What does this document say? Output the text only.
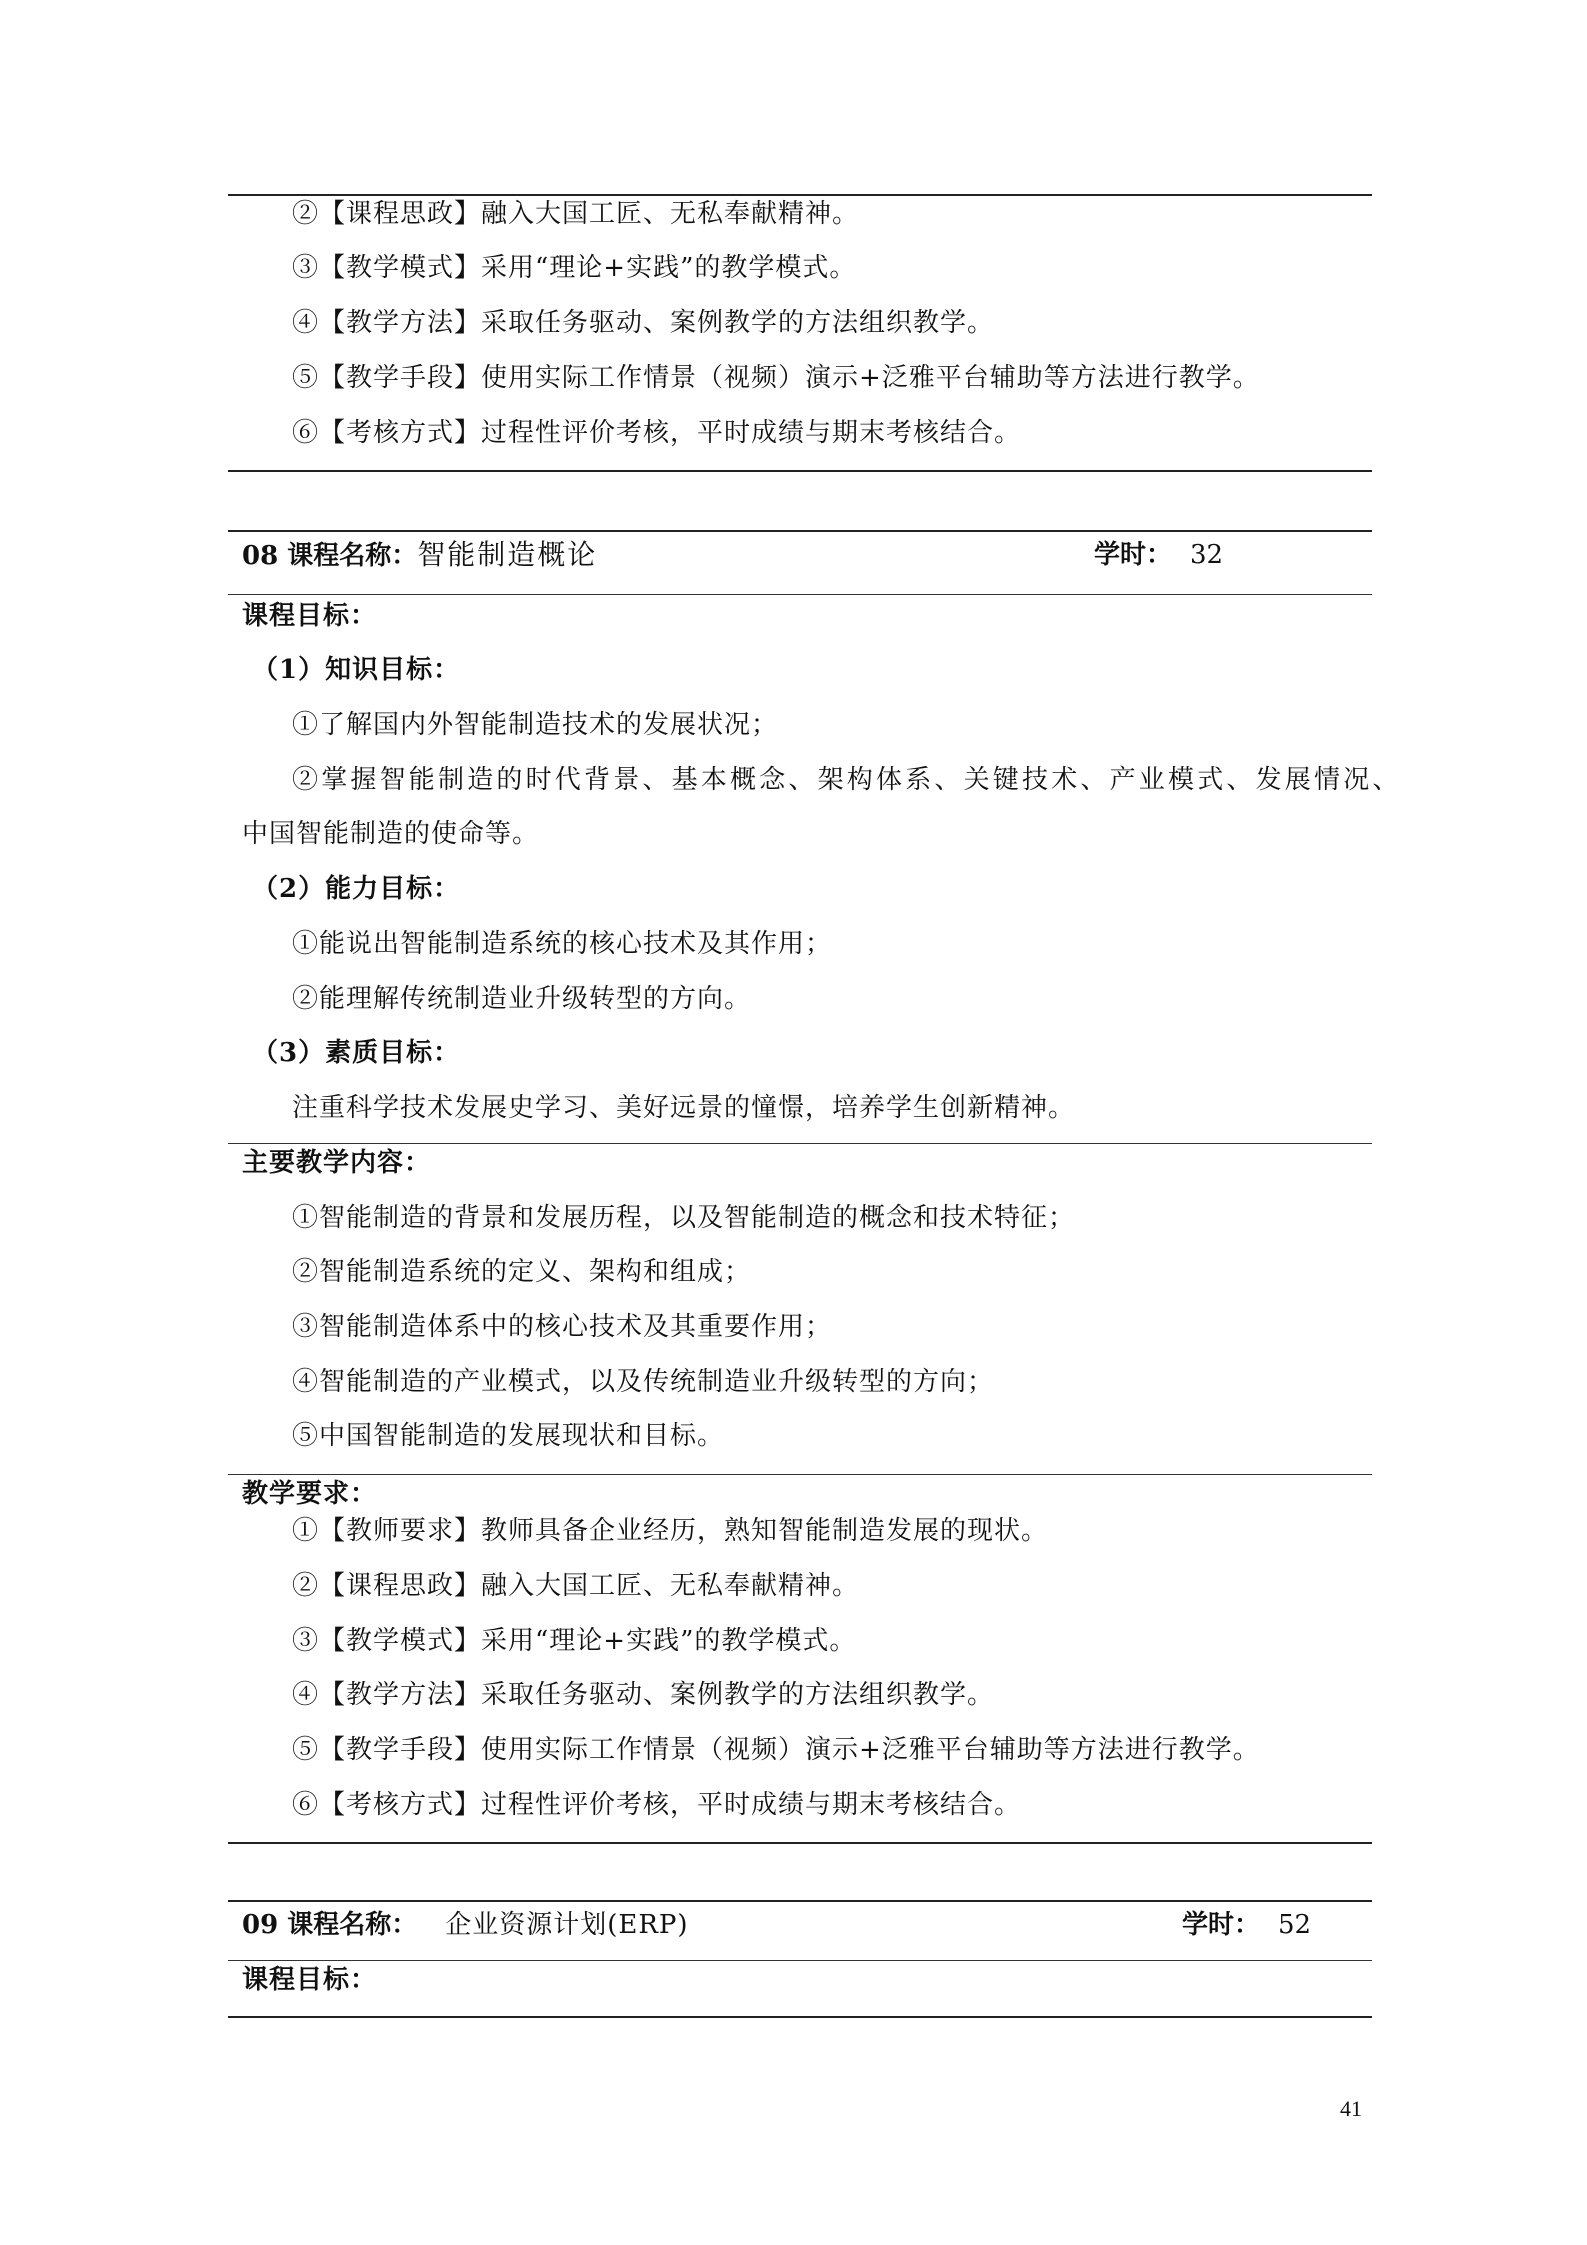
②【课程思政】融入大国工匠、无私奉献精神。
③【教学模式】采用“理论+实践”的教学模式。
④【教学方法】采取任务驱动、案例教学的方法组织教学。
⑤【教学手段】使用实际工作情景（视频）演示+泛雅平台辅助等方法进行教学。
⑥【考核方式】过程性评价考核，平时成绩与期末考核结合。
08 课程名称：智能制造概论	学时： 32
课程目标：
（1）知识目标：
①了解国内外智能制造技术的发展状况；
②掌握智能制造的时代背景、基本概念、架构体系、关键技术、产业模式、发展情况、
中国智能制造的使命等。
（2）能力目标：
①能说出智能制造系统的核心技术及其作用；
②能理解传统制造业升级转型的方向。
（3）素质目标：
注重科学技术发展史学习、美好远景的憧憬，培养学生创新精神。
主要教学内容：
①智能制造的背景和发展历程，以及智能制造的概念和技术特征；
②智能制造系统的定义、架构和组成；
③智能制造体系中的核心技术及其重要作用；
④智能制造的产业模式，以及传统制造业升级转型的方向；
⑤中国智能制造的发展现状和目标。
教学要求：
①【教师要求】教师具备企业经历，熟知智能制造发展的现状。
②【课程思政】融入大国工匠、无私奉献精神。
③【教学模式】采用“理论+实践”的教学模式。
④【教学方法】采取任务驱动、案例教学的方法组织教学。
⑤【教学手段】使用实际工作情景（视频）演示+泛雅平台辅助等方法进行教学。
⑥【考核方式】过程性评价考核，平时成绩与期末考核结合。
09 课程名称： 企业资源计划(ERP)	学时： 52
课程目标：
41
